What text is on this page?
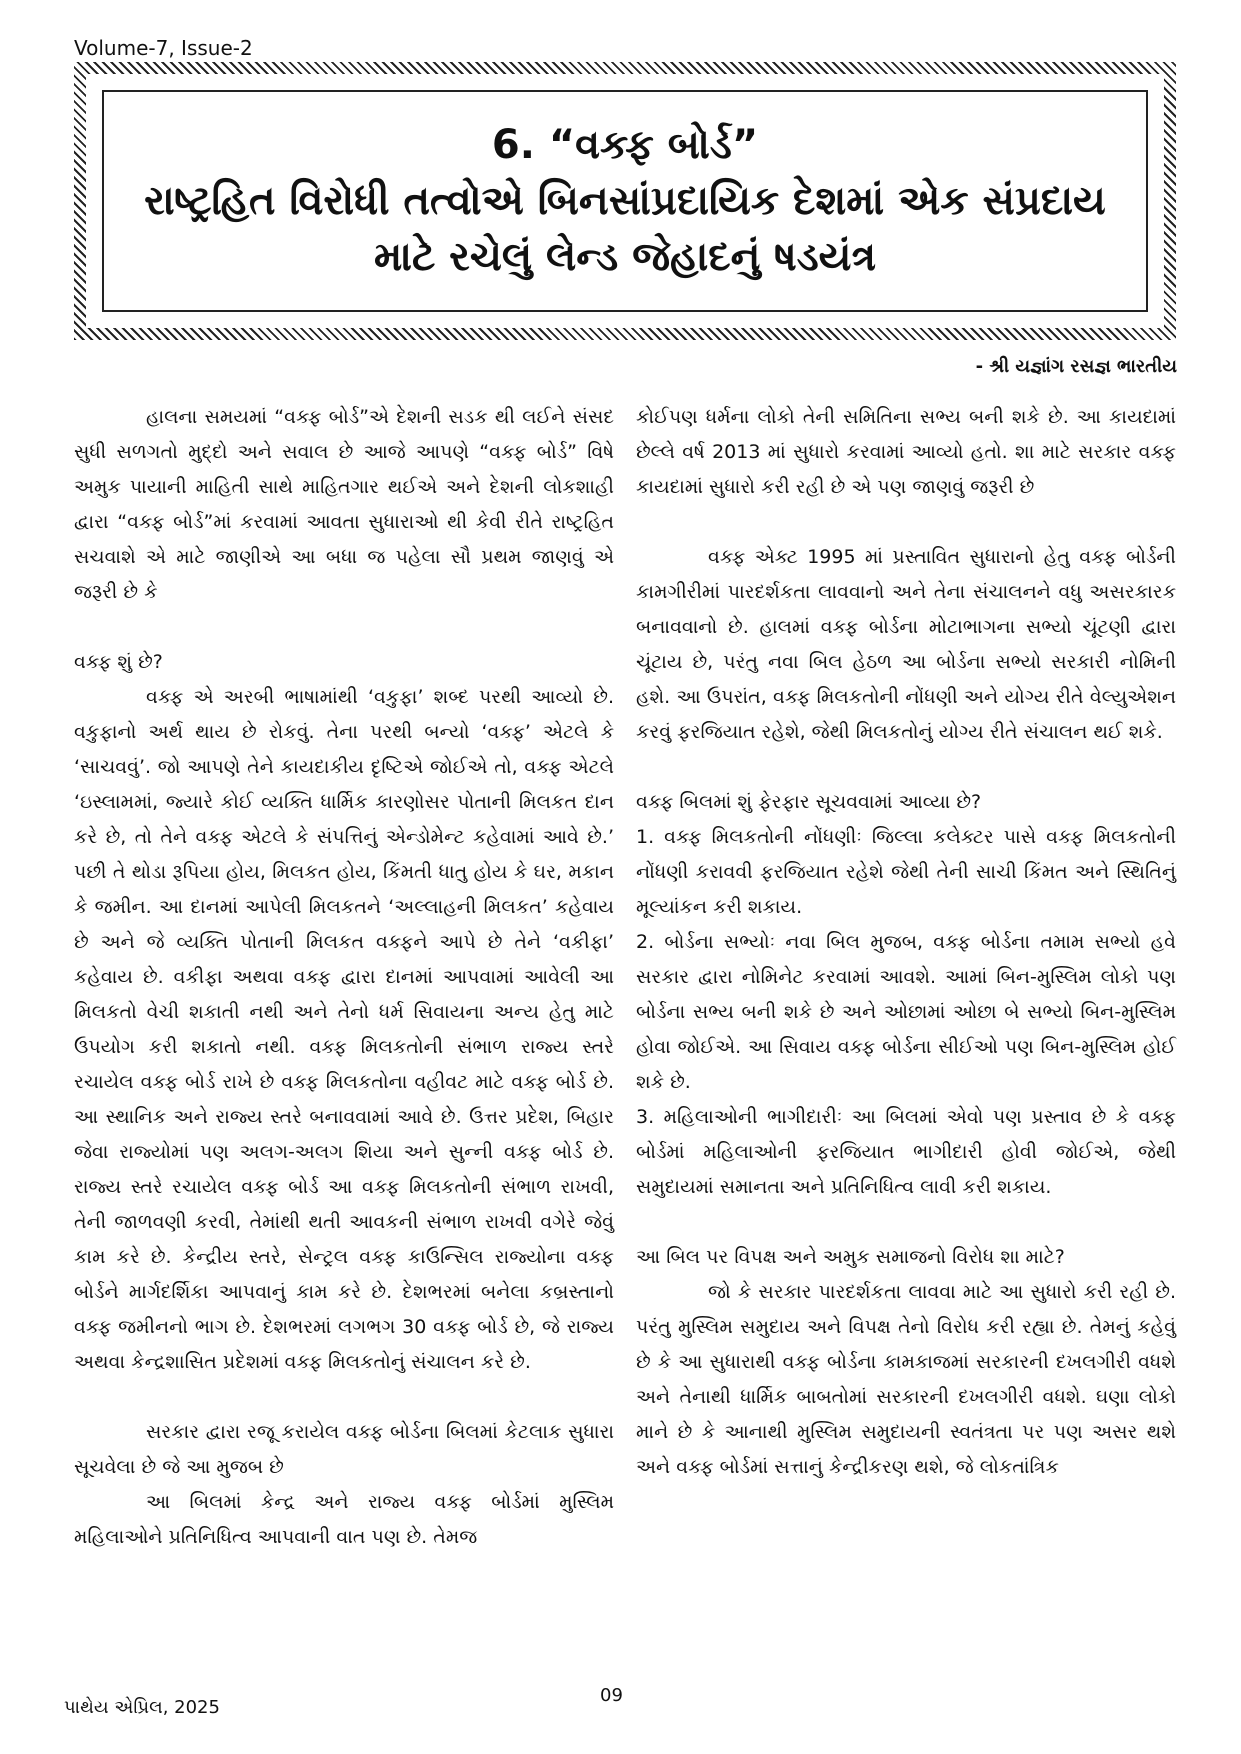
Volume-7, Issue-2
6. “વક્ફ બોર્ડ”
રાષ્ટ્રહિત વિરોધી તત્વોએ બિનસાંપ્રદાયિક દેશમાં એક સંપ્રદાય
માટે રચેલું લેન્ડ જેહાદનું ષડયંત્ર
- શ્રી યજ્ઞાંગ રસજ્ઞ ભારતીય

હાલના સમયમાં “વક્ફ બોર્ડ”એ દેશની સડક થી લઈને સંસદ સુધી સળગતો મુદ્દો અને સવાલ છે આજે આપણે “વક્ફ બોર્ડ” વિષે અમુક પાયાની માહિતી સાથે માહિતગાર થઈએ અને દેશની લોકશાહી દ્વારા “વક્ફ બોર્ડ”માં કરવામાં આવતા સુધારાઓ થી કેવી રીતે રાષ્ટ્રહિત સચવાશે એ માટે જાણીએ આ બધા જ પહેલા સૌ પ્રથમ જાણવું એ જરૂરી છે કે

વક્ફ શું છે?

વક્ફ એ અરબી ભાષામાંથી ‘વકુફા’ શબ્દ પરથી આવ્યો છે. વકુફાનો અર્થ થાય છે રોકવું. તેના પરથી બન્યો ‘વક્ફ’ એટલે કે ‘સાચવવું’. જો આપણે તેને કાયદાકીય દૃષ્ટિએ જોઈએ તો, વક્ફ એટલે ‘ઇસ્લામમાં, જ્યારે કોઈ વ્યક્તિ ધાર્મિક કારણોસર પોતાની મિલકત દાન કરે છે, તો તેને વક્ફ એટલે કે સંપત્તિનું એન્ડોમેન્ટ કહેવામાં આવે છે.’ પછી તે થોડા રૂપિયા હોય, મિલકત હોય, કિંમતી ધાતુ હોય કે ઘર, મકાન કે જમીન. આ દાનમાં આપેલી મિલકતને ‘અલ્લાહની મિલકત’ કહેવાય છે અને જે વ્યક્તિ પોતાની મિલકત વક્ફને આપે છે તેને ‘વકીફા’ કહેવાય છે. વકીફા અથવા વક્ફ દ્વારા દાનમાં આપવામાં આવેલી આ મિલકતો વેચી શકાતી નથી અને તેનો ધર્મ સિવાયના અન્ય હેતુ માટે ઉપયોગ કરી શકાતો નથી. વક્ફ મિલકતોની સંભાળ રાજ્ય સ્તરે રચાયેલ વક્ફ બોર્ડ રાખે છે વક્ફ મિલકતોના વહીવટ માટે વક્ફ બોર્ડ છે. આ સ્થાનિક અને રાજ્ય સ્તરે બનાવવામાં આવે છે. ઉત્તર પ્રદેશ, બિહાર જેવા રાજ્યોમાં પણ અલગ-અલગ શિયા અને સુન્ની વક્ફ બોર્ડ છે. રાજ્ય સ્તરે રચાયેલ વક્ફ બોર્ડ આ વક્ફ મિલકતોની સંભાળ રાખવી, તેની જાળવણી કરવી, તેમાંથી થતી આવકની સંભાળ રાખવી વગેરે જેવું કામ કરે છે. કેન્દ્રીય સ્તરે, સેન્ટ્રલ વક્ફ કાઉન્સિલ રાજ્યોના વક્ફ બોર્ડને માર્ગદર્શિકા આપવાનું કામ કરે છે. દેશભરમાં બનેલા કબ્રસ્તાનો વક્ફ જમીનનો ભાગ છે. દેશભરમાં લગભગ 30 વક્ફ બોર્ડ છે, જે રાજ્ય અથવા કેન્દ્રશાસિત પ્રદેશમાં વક્ફ મિલકતોનું સંચાલન કરે છે.

સરકાર દ્વારા રજૂ કરાયેલ વક્ફ બોર્ડના બિલમાં કેટલાક સુધારા સૂચવેલા છે જે આ મુજબ છે

આ બિલમાં કેન્દ્ર અને રાજ્ય વક્ફ બોર્ડમાં મુસ્લિમ મહિલાઓને પ્રતિનિધિત્વ આપવાની વાત પણ છે. તેમજ

કોઈપણ ધર્મના લોકો તેની સમિતિના સભ્ય બની શકે છે. આ કાયદામાં છેલ્લે વર્ષ 2013 માં સુધારો કરવામાં આવ્યો હતો. શા માટે સરકાર વક્ફ કાયદામાં સુધારો કરી રહી છે એ પણ જાણવું જરૂરી છે

વક્ફ એક્ટ 1995 માં પ્રસ્તાવિત સુધારાનો હેતુ વક્ફ બોર્ડની કામગીરીમાં પારદર્શકતા લાવવાનો અને તેના સંચાલનને વધુ અસરકારક બનાવવાનો છે. હાલમાં વક્ફ બોર્ડના મોટાભાગના સભ્યો ચૂંટણી દ્વારા ચૂંટાય છે, પરંતુ નવા બિલ હેઠળ આ બોર્ડના સભ્યો સરકારી નોમિની હશે. આ ઉપરાંત, વક્ફ મિલકતોની નોંધણી અને યોગ્ય રીતે વેલ્યુએશન કરવું ફરજિયાત રહેશે, જેથી મિલકતોનું યોગ્ય રીતે સંચાલન થઈ શકે.

વક્ફ બિલમાં શું ફેરફાર સૂચવવામાં આવ્યા છે?

1. વક્ફ મિલકતોની નોંધણીઃ જિલ્લા કલેક્ટર પાસે વક્ફ મિલકતોની નોંધણી કરાવવી ફરજિયાત રહેશે જેથી તેની સાચી કિંમત અને સ્થિતિનું મૂલ્યાંકન કરી શકાય.

2. બોર્ડના સભ્યોઃ નવા બિલ મુજબ, વક્ફ બોર્ડના તમામ સભ્યો હવે સરકાર દ્વારા નોમિનેટ કરવામાં આવશે. આમાં બિન-મુસ્લિમ લોકો પણ બોર્ડના સભ્ય બની શકે છે અને ઓછામાં ઓછા બે સભ્યો બિન-મુસ્લિમ હોવા જોઈએ. આ સિવાય વક્ફ બોર્ડના સીઈઓ પણ બિન-મુસ્લિમ હોઈ શકે છે.

3. મહિલાઓની ભાગીદારીઃ આ બિલમાં એવો પણ પ્રસ્તાવ છે કે વક્ફ બોર્ડમાં મહિલાઓની ફરજિયાત ભાગીદારી હોવી જોઈએ, જેથી સમુદાયમાં સમાનતા અને પ્રતિનિધિત્વ લાવી કરી શકાય.

આ બિલ પર વિપક્ષ અને અમુક સમાજનો વિરોધ શા માટે?

જો કે સરકાર પારદર્શકતા લાવવા માટે આ સુધારો કરી રહી છે. પરંતુ મુસ્લિમ સમુદાય અને વિપક્ષ તેનો વિરોધ કરી રહ્યા છે. તેમનું કહેવું છે કે આ સુધારાથી વક્ફ બોર્ડના કામકાજમાં સરકારની દખલગીરી વધશે અને તેનાથી ધાર્મિક બાબતોમાં સરકારની દખલગીરી વધશે. ઘણા લોકો માને છે કે આનાથી મુસ્લિમ સમુદાયની સ્વતંત્રતા પર પણ અસર થશે અને વક્ફ બોર્ડમાં સત્તાનું કેન્દ્રીકરણ થશે, જે લોકતાંત્રિક

પાથેય એપ્રિલ, 2025
09
